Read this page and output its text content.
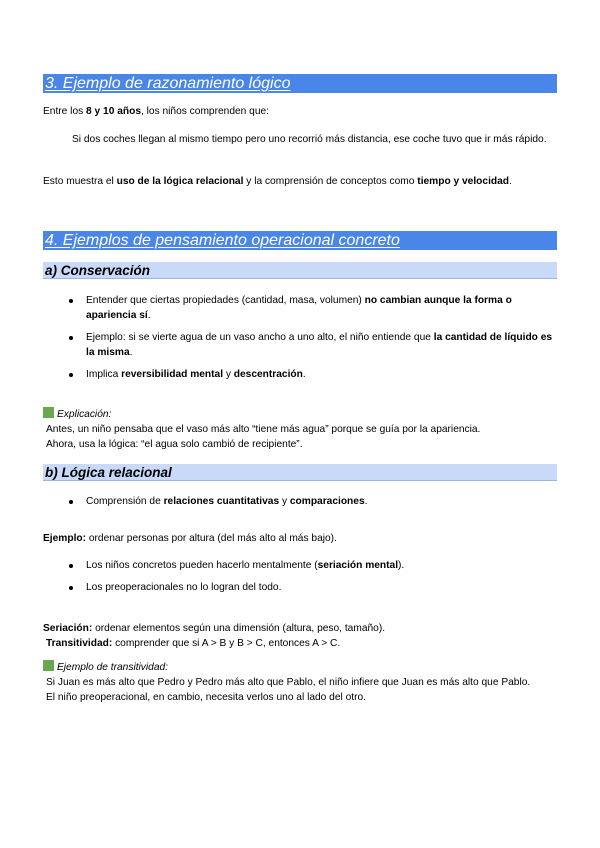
3. Ejemplo de razonamiento lógico
Entre los 8 y 10 años, los niños comprenden que:
Si dos coches llegan al mismo tiempo pero uno recorrió más distancia, ese coche tuvo que ir más rápido.
Esto muestra el uso de la lógica relacional y la comprensión de conceptos como tiempo y velocidad.
4. Ejemplos de pensamiento operacional concreto
a) Conservación
Entender que ciertas propiedades (cantidad, masa, volumen) no cambian aunque la forma o apariencia sí.
Ejemplo: si se vierte agua de un vaso ancho a uno alto, el niño entiende que la cantidad de líquido es la misma.
Implica reversibilidad mental y descentración.
Explicación:
Antes, un niño pensaba que el vaso más alto “tiene más agua” porque se guía por la apariencia.
Ahora, usa la lógica: “el agua solo cambió de recipiente”.
b) Lógica relacional
Comprensión de relaciones cuantitativas y comparaciones.
Ejemplo: ordenar personas por altura (del más alto al más bajo).
Los niños concretos pueden hacerlo mentalmente (seriación mental).
Los preoperacionales no lo logran del todo.
Seriación: ordenar elementos según una dimensión (altura, peso, tamaño).
Transitividad: comprender que si A > B y B > C, entonces A > C.
Ejemplo de transitividad:
Si Juan es más alto que Pedro y Pedro más alto que Pablo, el niño infiere que Juan es más alto que Pablo.
El niño preoperacional, en cambio, necesita verlos uno al lado del otro.
